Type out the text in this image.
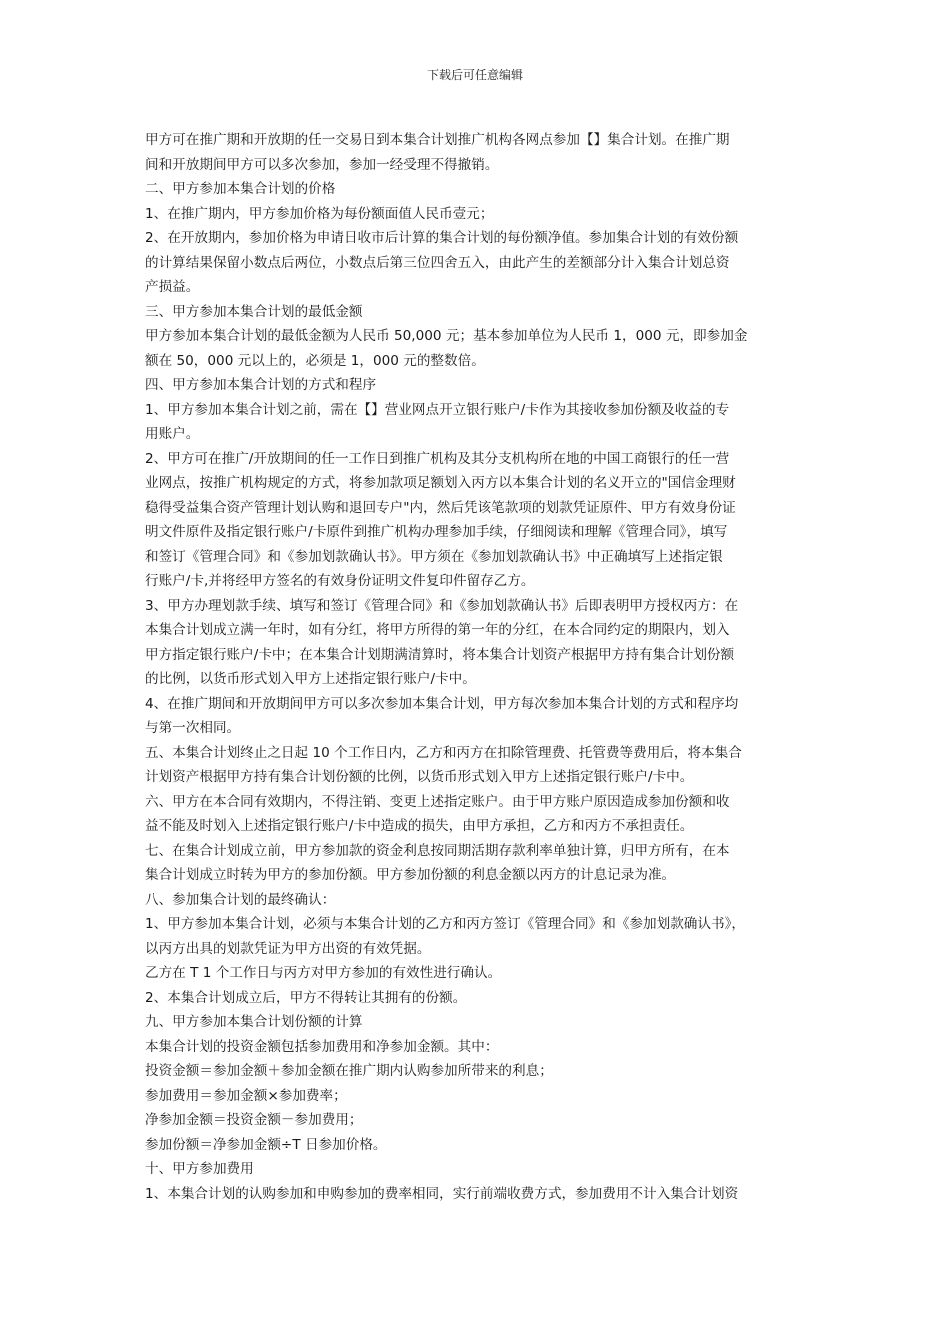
下载后可任意编辑

甲方可在推广期和开放期的任一交易日到本集合计划推广机构各网点参加【】集合计划。在推广期

间和开放期间甲方可以多次参加，参加一经受理不得撤销。

二、甲方参加本集合计划的价格

1、在推广期内，甲方参加价格为每份额面值人民币壹元；

2、在开放期内，参加价格为申请日收市后计算的集合计划的每份额净值。参加集合计划的有效份额

的计算结果保留小数点后两位，小数点后第三位四舍五入，由此产生的差额部分计入集合计划总资

产损益。

三、甲方参加本集合计划的最低金额

甲方参加本集合计划的最低金额为人民币 50,000 元；基本参加单位为人民币 1，000 元，即参加金

额在 50，000 元以上的，必须是 1，000 元的整数倍。

四、甲方参加本集合计划的方式和程序

1、甲方参加本集合计划之前，需在【】营业网点开立银行账户/卡作为其接收参加份额及收益的专

用账户。

2、甲方可在推广/开放期间的任一工作日到推广机构及其分支机构所在地的中国工商银行的任一营

业网点，按推广机构规定的方式，将参加款项足额划入丙方以本集合计划的名义开立的"国信金理财

稳得受益集合资产管理计划认购和退回专户"内，然后凭该笔款项的划款凭证原件、甲方有效身份证

明文件原件及指定银行账户/卡原件到推广机构办理参加手续，仔细阅读和理解《管理合同》，填写

和签订《管理合同》和《参加划款确认书》。甲方须在《参加划款确认书》中正确填写上述指定银

行账户/卡,并将经甲方签名的有效身份证明文件复印件留存乙方。

3、甲方办理划款手续、填写和签订《管理合同》和《参加划款确认书》后即表明甲方授权丙方：在

本集合计划成立满一年时，如有分红，将甲方所得的第一年的分红，在本合同约定的期限内，划入

甲方指定银行账户/卡中；在本集合计划期满清算时，将本集合计划资产根据甲方持有集合计划份额

的比例，以货币形式划入甲方上述指定银行账户/卡中。

4、在推广期间和开放期间甲方可以多次参加本集合计划，甲方每次参加本集合计划的方式和程序均

与第一次相同。

五、本集合计划终止之日起 10 个工作日内，乙方和丙方在扣除管理费、托管费等费用后，将本集合

计划资产根据甲方持有集合计划份额的比例，以货币形式划入甲方上述指定银行账户/卡中。

六、甲方在本合同有效期内，不得注销、变更上述指定账户。由于甲方账户原因造成参加份额和收

益不能及时划入上述指定银行账户/卡中造成的损失，由甲方承担，乙方和丙方不承担责任。

七、在集合计划成立前，甲方参加款的资金利息按同期活期存款利率单独计算，归甲方所有，在本

集合计划成立时转为甲方的参加份额。甲方参加份额的利息金额以丙方的计息记录为准。

八、参加集合计划的最终确认：

1、甲方参加本集合计划，必须与本集合计划的乙方和丙方签订《管理合同》和《参加划款确认书》，

以丙方出具的划款凭证为甲方出资的有效凭据。

乙方在 T 1 个工作日与丙方对甲方参加的有效性进行确认。

2、本集合计划成立后，甲方不得转让其拥有的份额。

九、甲方参加本集合计划份额的计算

本集合计划的投资金额包括参加费用和净参加金额。其中：

投资金额＝参加金额＋参加金额在推广期内认购参加所带来的利息；

参加费用＝参加金额×参加费率；

净参加金额＝投资金额－参加费用；

参加份额＝净参加金额÷T 日参加价格。

十、甲方参加费用

1、本集合计划的认购参加和申购参加的费率相同，实行前端收费方式，参加费用不计入集合计划资
